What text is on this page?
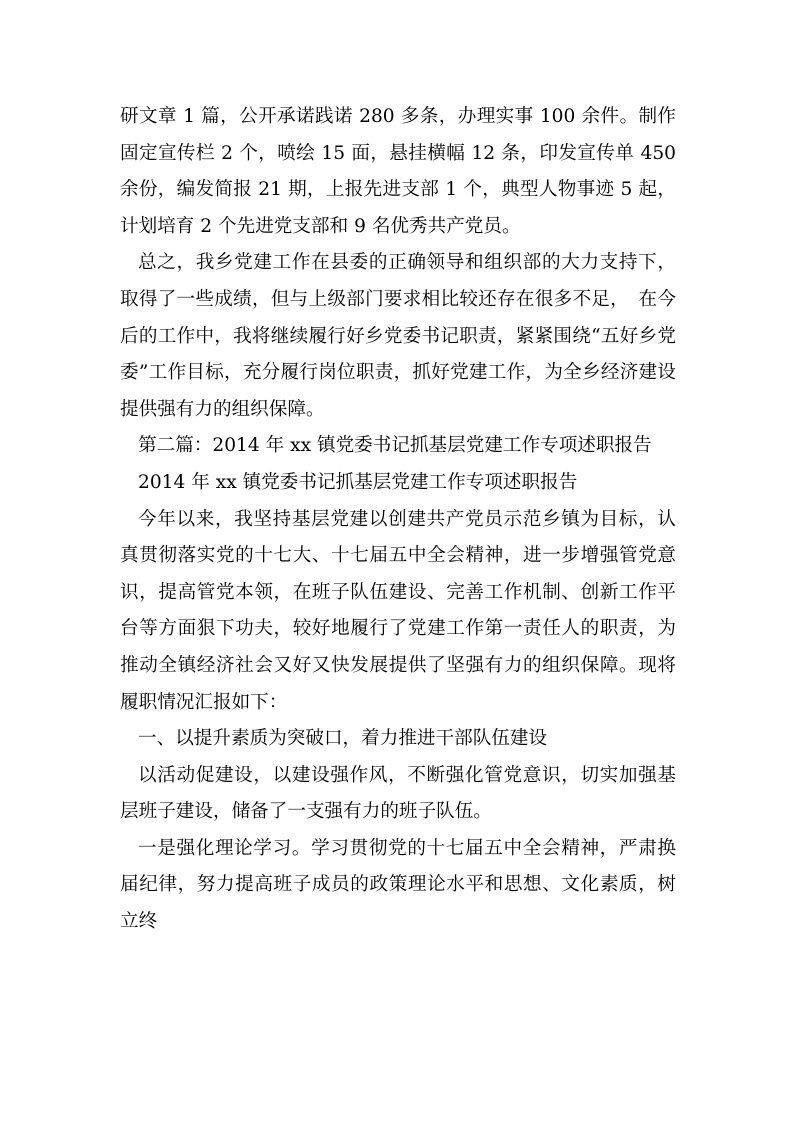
研文章 1 篇，公开承诺践诺 280 多条，办理实事 100 余件。制作固定宣传栏 2 个，喷绘 15 面，悬挂横幅 12 条，印发宣传单 450 余份，编发简报 21 期，上报先进支部 1 个，典型人物事迹 5 起，计划培育 2 个先进党支部和 9 名优秀共产党员。

总之，我乡党建工作在县委的正确领导和组织部的大力支持下，取得了一些成绩，但与上级部门要求相比较还存在很多不足，　在今后的工作中，我将继续履行好乡党委书记职责，紧紧围绕“五好乡党委”工作目标，充分履行岗位职责，抓好党建工作，为全乡经济建设提供强有力的组织保障。

第二篇：2014 年 xx 镇党委书记抓基层党建工作专项述职报告

2014 年 xx 镇党委书记抓基层党建工作专项述职报告

今年以来，我坚持基层党建以创建共产党员示范乡镇为目标，认真贯彻落实党的十七大、十七届五中全会精神，进一步增强管党意识，提高管党本领，在班子队伍建设、完善工作机制、创新工作平台等方面狠下功夫，较好地履行了党建工作第一责任人的职责，为推动全镇经济社会又好又快发展提供了坚强有力的组织保障。现将履职情况汇报如下：

一、以提升素质为突破口，着力推进干部队伍建设

以活动促建设，以建设强作风，不断强化管党意识，切实加强基层班子建设，储备了一支强有力的班子队伍。

一是强化理论学习。学习贯彻党的十七届五中全会精神，严肃换届纪律，努力提高班子成员的政策理论水平和思想、文化素质，树立终
